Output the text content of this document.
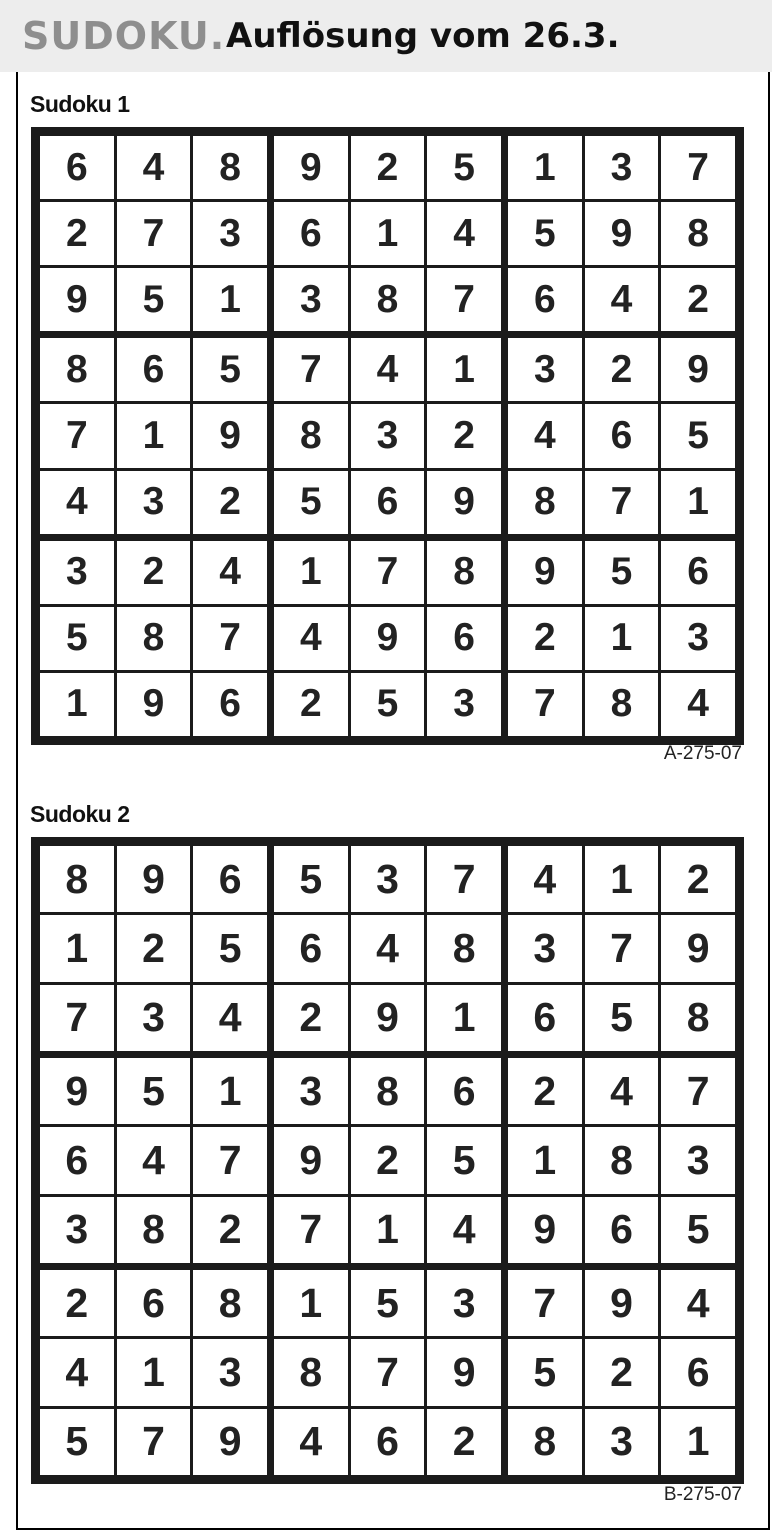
SUDOKU. Auflösung vom 26.3.
Sudoku 1
6	4	8	9	2	5	1	3	7
2	7	3	6	1	4	5	9	8
9	5	1	3	8	7	6	4	2
8	6	5	7	4	1	3	2	9
7	1	9	8	3	2	4	6	5
4	3	2	5	6	9	8	7	1
3	2	4	1	7	8	9	5	6
5	8	7	4	9	6	2	1	3
1	9	6	2	5	3	7	8	4
A-275-07
Sudoku 2
8	9	6	5	3	7	4	1	2
1	2	5	6	4	8	3	7	9
7	3	4	2	9	1	6	5	8
9	5	1	3	8	6	2	4	7
6	4	7	9	2	5	1	8	3
3	8	2	7	1	4	9	6	5
2	6	8	1	5	3	7	9	4
4	1	3	8	7	9	5	2	6
5	7	9	4	6	2	8	3	1
B-275-07
